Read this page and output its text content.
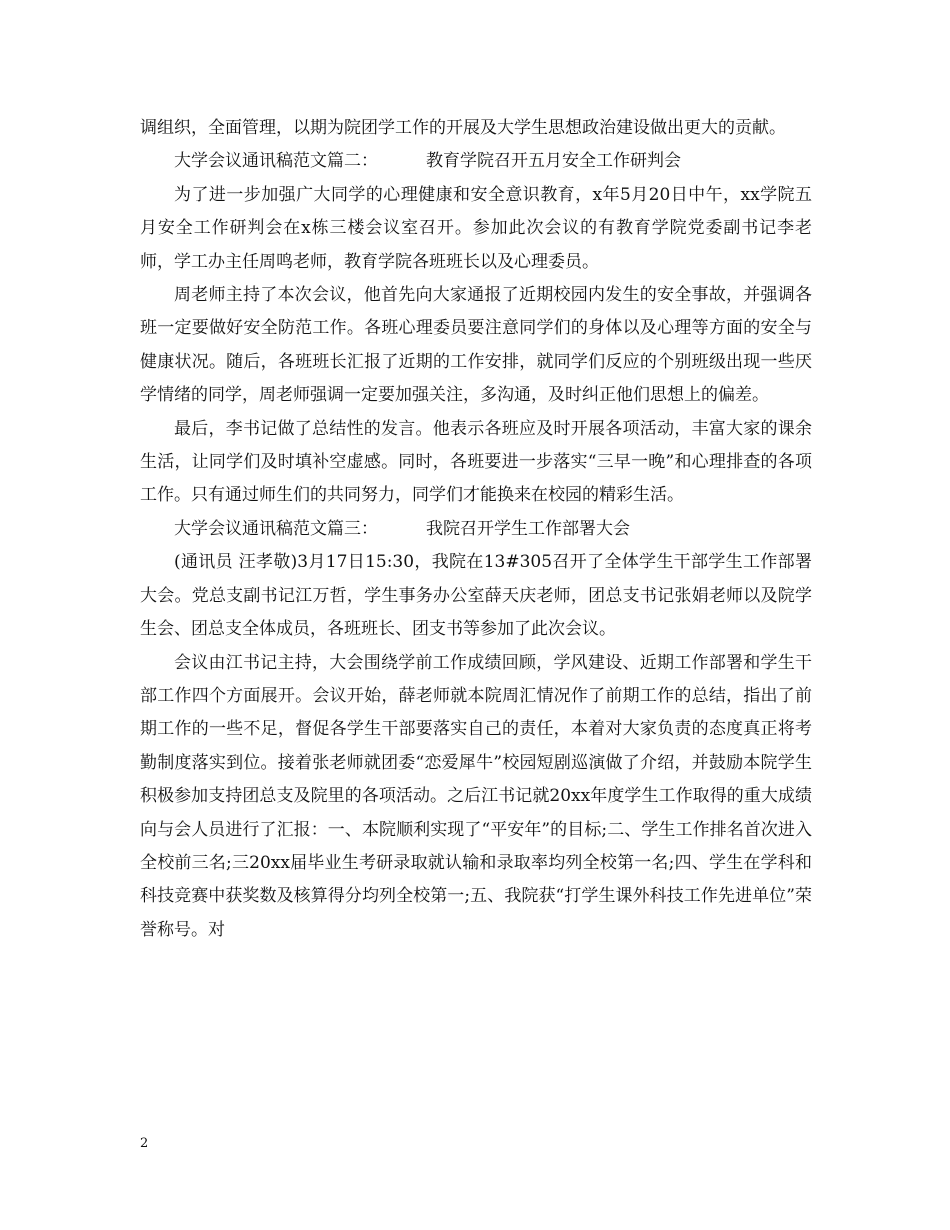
调组织，全面管理，以期为院团学工作的开展及大学生思想政治建设做出更大的贡献。

大学会议通讯稿范文篇二：	教育学院召开五月安全工作研判会

为了进一步加强广大同学的心理健康和安全意识教育，x年5月20日中午，xx学院五月安全工作研判会在x栋三楼会议室召开。参加此次会议的有教育学院党委副书记李老师，学工办主任周鸣老师，教育学院各班班长以及心理委员。

周老师主持了本次会议，他首先向大家通报了近期校园内发生的安全事故，并强调各班一定要做好安全防范工作。各班心理委员要注意同学们的身体以及心理等方面的安全与健康状况。随后，各班班长汇报了近期的工作安排，就同学们反应的个别班级出现一些厌学情绪的同学，周老师强调一定要加强关注，多沟通，及时纠正他们思想上的偏差。

最后，李书记做了总结性的发言。他表示各班应及时开展各项活动，丰富大家的课余生活，让同学们及时填补空虚感。同时，各班要进一步落实“三早一晚”和心理排查的各项工作。只有通过师生们的共同努力，同学们才能换来在校园的精彩生活。

大学会议通讯稿范文篇三：	我院召开学生工作部署大会

(通讯员 汪孝敬)3月17日15:30，我院在13#305召开了全体学生干部学生工作部署大会。党总支副书记江万哲，学生事务办公室薛天庆老师，团总支书记张娟老师以及院学生会、团总支全体成员，各班班长、团支书等参加了此次会议。

会议由江书记主持，大会围绕学前工作成绩回顾，学风建设、近期工作部署和学生干部工作四个方面展开。会议开始，薛老师就本院周汇情况作了前期工作的总结，指出了前期工作的一些不足，督促各学生干部要落实自己的责任，本着对大家负责的态度真正将考勤制度落实到位。接着张老师就团委“恋爱犀牛”校园短剧巡演做了介绍，并鼓励本院学生积极参加支持团总支及院里的各项活动。之后江书记就20xx年度学生工作取得的重大成绩向与会人员进行了汇报：一、本院顺利实现了“平安年”的目标;二、学生工作排名首次进入全校前三名;三20xx届毕业生考研录取就认输和录取率均列全校第一名;四、学生在学科和科技竞赛中获奖数及核算得分均列全校第一;五、我院获“打学生课外科技工作先进单位”荣誉称号。对

2
